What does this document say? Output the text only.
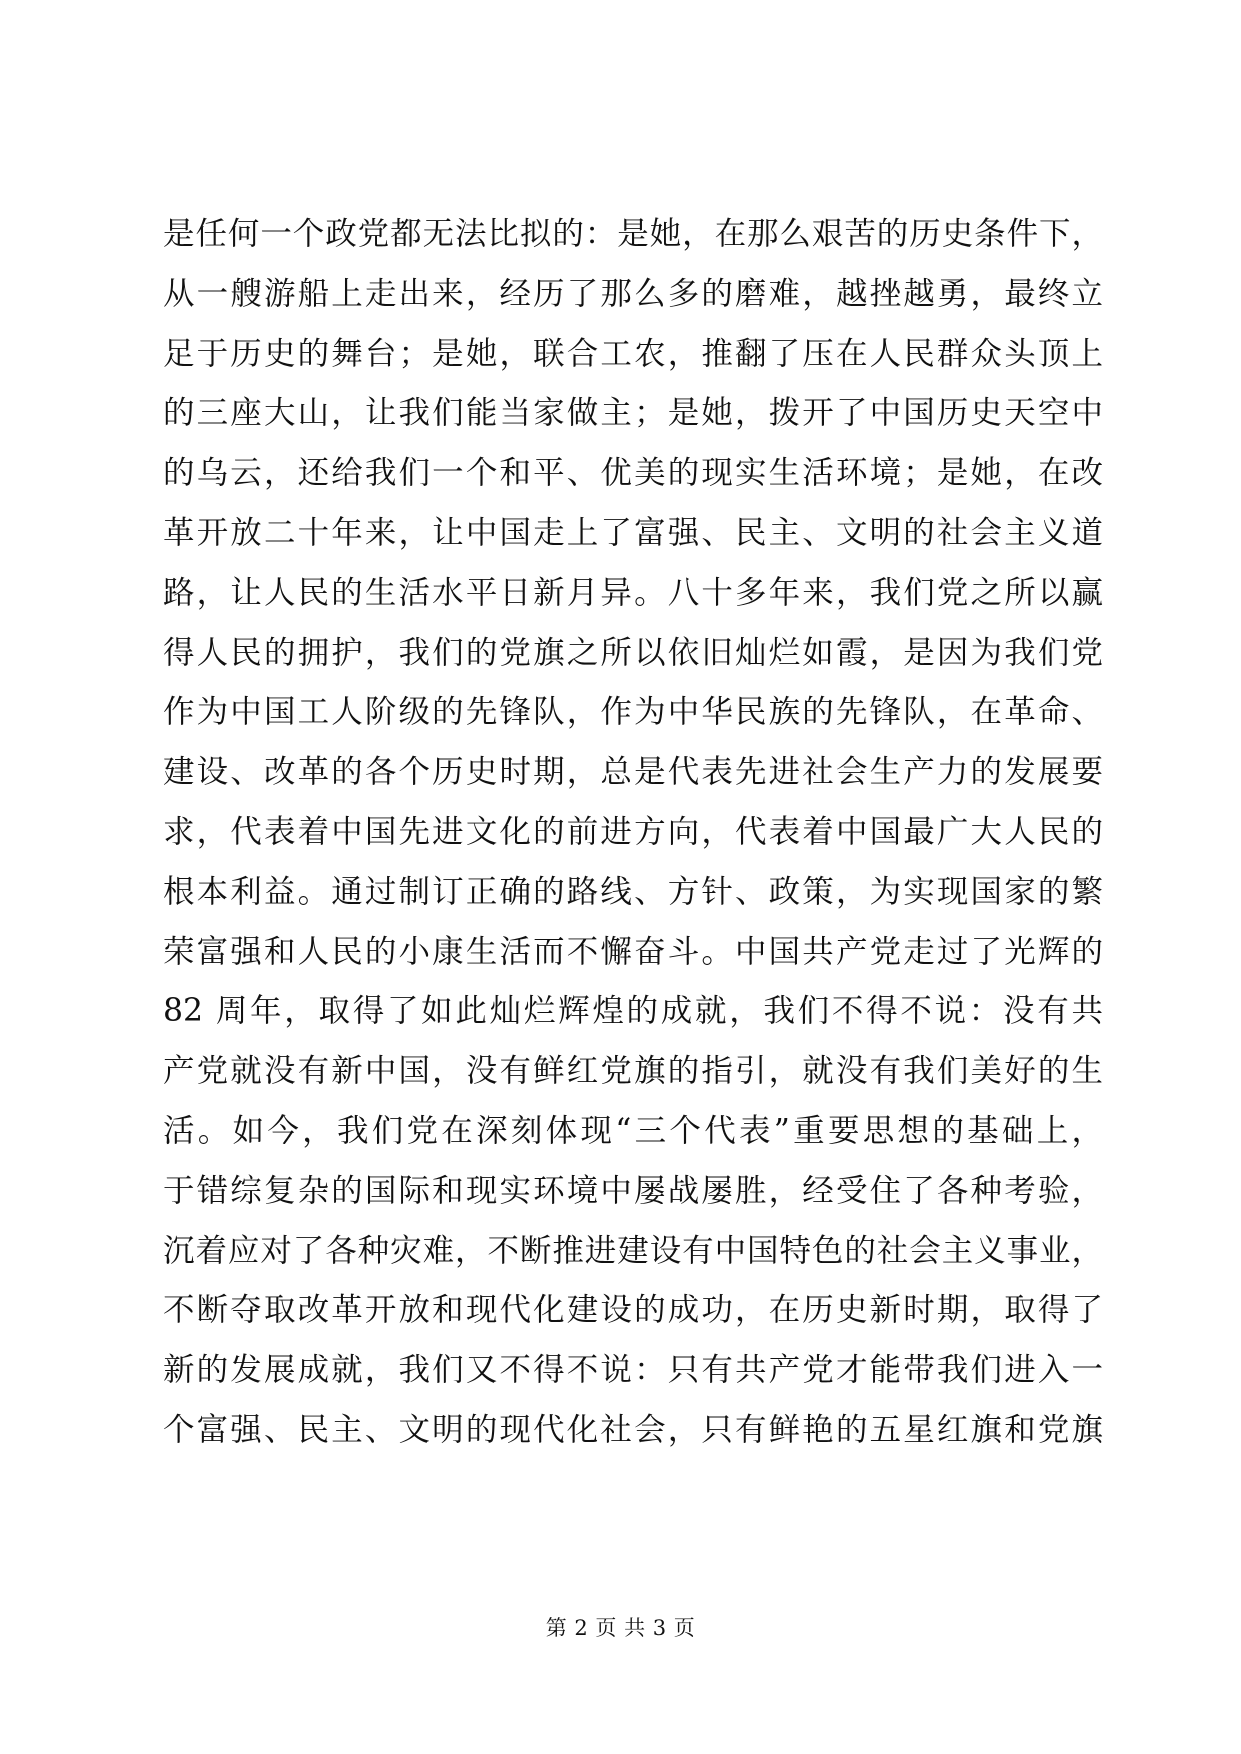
是任何一个政党都无法比拟的：是她，在那么艰苦的历史条件下，
从一艘游船上走出来，经历了那么多的磨难，越挫越勇，最终立
足于历史的舞台；是她，联合工农，推翻了压在人民群众头顶上
的三座大山，让我们能当家做主；是她，拨开了中国历史天空中
的乌云，还给我们一个和平、优美的现实生活环境；是她，在改
革开放二十年来，让中国走上了富强、民主、文明的社会主义道
路，让人民的生活水平日新月异。八十多年来，我们党之所以赢
得人民的拥护，我们的党旗之所以依旧灿烂如霞，是因为我们党
作为中国工人阶级的先锋队，作为中华民族的先锋队，在革命、
建设、改革的各个历史时期，总是代表先进社会生产力的发展要
求，代表着中国先进文化的前进方向，代表着中国最广大人民的
根本利益。通过制订正确的路线、方针、政策，为实现国家的繁
荣富强和人民的小康生活而不懈奋斗。中国共产党走过了光辉的
82 周年，取得了如此灿烂辉煌的成就，我们不得不说：没有共
产党就没有新中国，没有鲜红党旗的指引，就没有我们美好的生
活。如今，我们党在深刻体现“三个代表”重要思想的基础上，
于错综复杂的国际和现实环境中屡战屡胜，经受住了各种考验，
沉着应对了各种灾难，不断推进建设有中国特色的社会主义事业，
不断夺取改革开放和现代化建设的成功，在历史新时期，取得了
新的发展成就，我们又不得不说：只有共产党才能带我们进入一
个富强、民主、文明的现代化社会，只有鲜艳的五星红旗和党旗
第 2 页 共 3 页
